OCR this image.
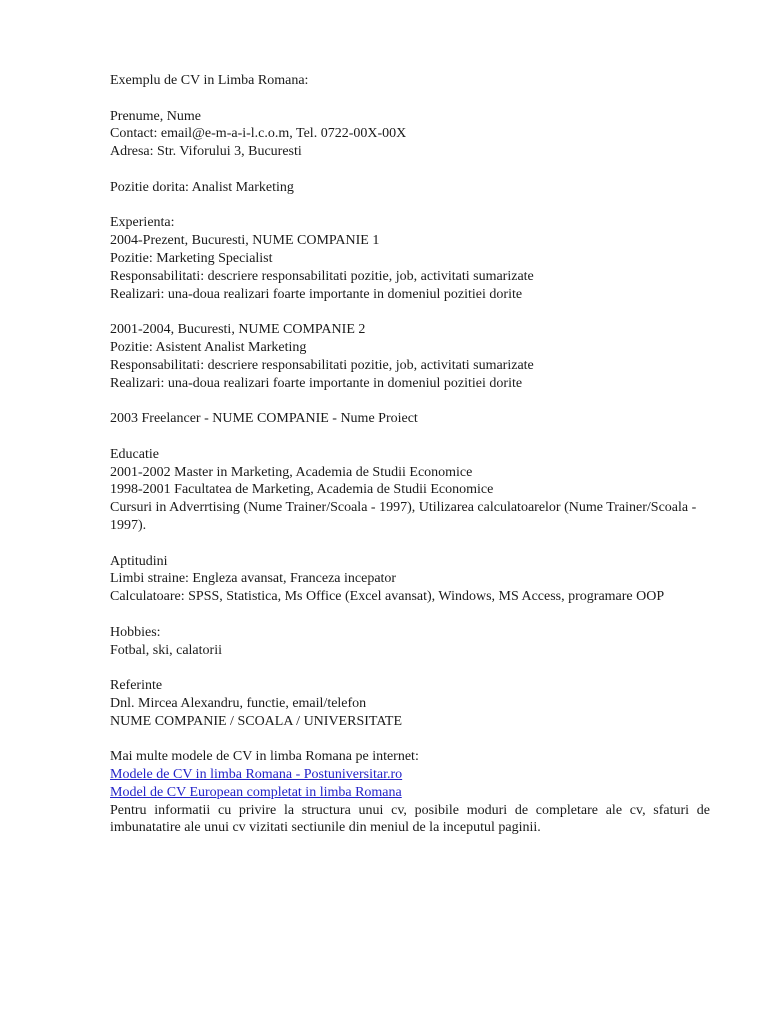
Exemplu de CV in Limba Romana:
Prenume, Nume
Contact: email@e-m-a-i-l.c.o.m, Tel. 0722-00X-00X
Adresa: Str. Viforului 3, Bucuresti
Pozitie dorita: Analist Marketing
Experienta:
2004-Prezent, Bucuresti, NUME COMPANIE 1
Pozitie: Marketing Specialist
Responsabilitati: descriere responsabilitati pozitie, job, activitati sumarizate
Realizari: una-doua realizari foarte importante in domeniul pozitiei dorite
2001-2004, Bucuresti, NUME COMPANIE 2
Pozitie: Asistent Analist Marketing
Responsabilitati: descriere responsabilitati pozitie, job, activitati sumarizate
Realizari: una-doua realizari foarte importante in domeniul pozitiei dorite
2003 Freelancer - NUME COMPANIE - Nume Proiect
Educatie
2001-2002 Master in Marketing, Academia de Studii Economice
1998-2001 Facultatea de Marketing, Academia de Studii Economice
Cursuri in Adverrtising (Nume Trainer/Scoala - 1997), Utilizarea calculatoarelor (Nume Trainer/Scoala - 1997).
Aptitudini
Limbi straine: Engleza avansat, Franceza incepator
Calculatoare: SPSS, Statistica, Ms Office (Excel avansat), Windows, MS Access, programare OOP
Hobbies:
Fotbal, ski, calatorii
Referinte
Dnl. Mircea Alexandru, functie, email/telefon
NUME COMPANIE / SCOALA / UNIVERSITATE
Mai multe modele de CV in limba Romana pe internet:
Modele de CV in limba Romana - Postuniversitar.ro
Model de CV European completat in limba Romana
Pentru informatii cu privire la structura unui cv, posibile moduri de completare ale cv, sfaturi de imbunatatire ale unui cv vizitati sectiunile din meniul de la inceputul paginii.
